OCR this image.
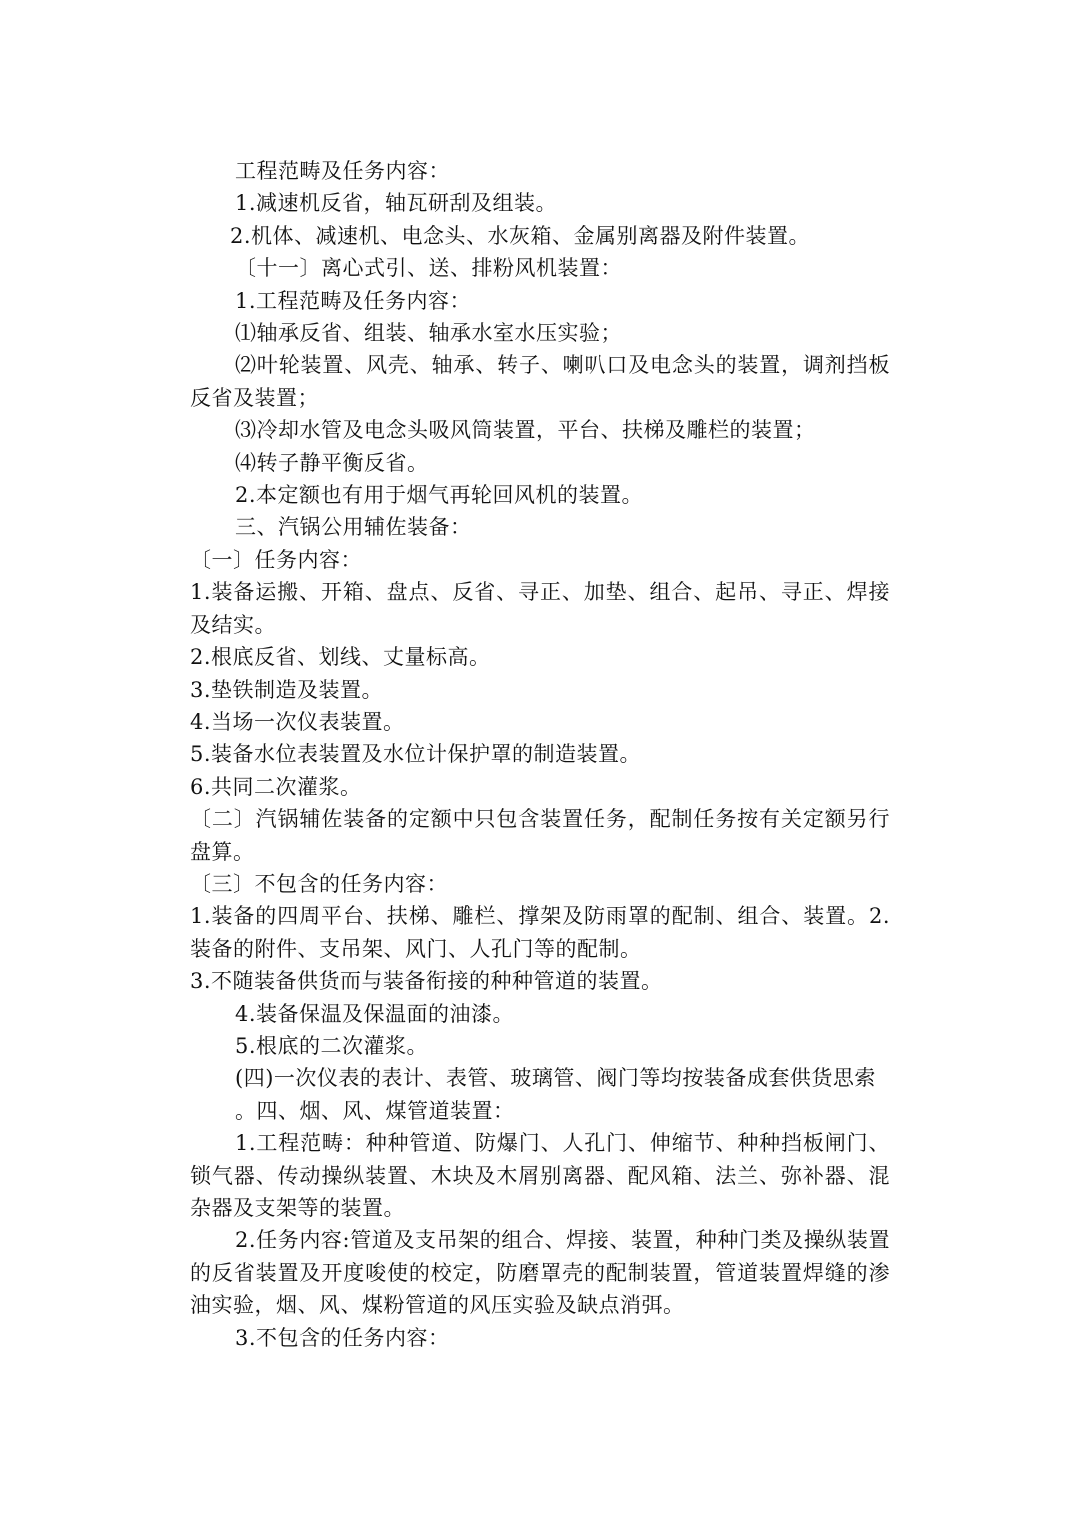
工程范畴及任务内容：

1.减速机反省，轴瓦研刮及组装。

2.机体、减速机、电念头、水灰箱、金属别离器及附件装置。

〔十一〕离心式引、送、排粉风机装置：

1.工程范畴及任务内容：

⑴轴承反省、组装、轴承水室水压实验；

⑵叶轮装置、风壳、轴承、转子、喇叭口及电念头的装置，调剂挡板反省及装置；

⑶冷却水管及电念头吸风筒装置，平台、扶梯及雕栏的装置；

⑷转子静平衡反省。

2.本定额也有用于烟气再轮回风机的装置。

三、汽锅公用辅佐装备：

〔一〕任务内容：

1.装备运搬、开箱、盘点、反省、寻正、加垫、组合、起吊、寻正、焊接及结实。

2.根底反省、划线、丈量标高。

3.垫铁制造及装置。

4.当场一次仪表装置。

5.装备水位表装置及水位计保护罩的制造装置。

6.共同二次灌浆。

〔二〕汽锅辅佐装备的定额中只包含装置任务，配制任务按有关定额另行盘算。

〔三〕不包含的任务内容：

1.装备的四周平台、扶梯、雕栏、撑架及防雨罩的配制、组合、装置。2.装备的附件、支吊架、风门、人孔门等的配制。

3.不随装备供货而与装备衔接的种种管道的装置。

4.装备保温及保温面的油漆。

5.根底的二次灌浆。

(四)一次仪表的表计、表管、玻璃管、阀门等均按装备成套供货思索

。四、烟、风、煤管道装置：

1.工程范畴：种种管道、防爆门、人孔门、伸缩节、种种挡板闸门、锁气器、传动操纵装置、木块及木屑别离器、配风箱、法兰、弥补器、混杂器及支架等的装置。

2.任务内容:管道及支吊架的组合、焊接、装置，种种门类及操纵装置的反省装置及开度唆使的校定，防磨罩壳的配制装置，管道装置焊缝的渗油实验，烟、风、煤粉管道的风压实验及缺点消弭。

3.不包含的任务内容：
